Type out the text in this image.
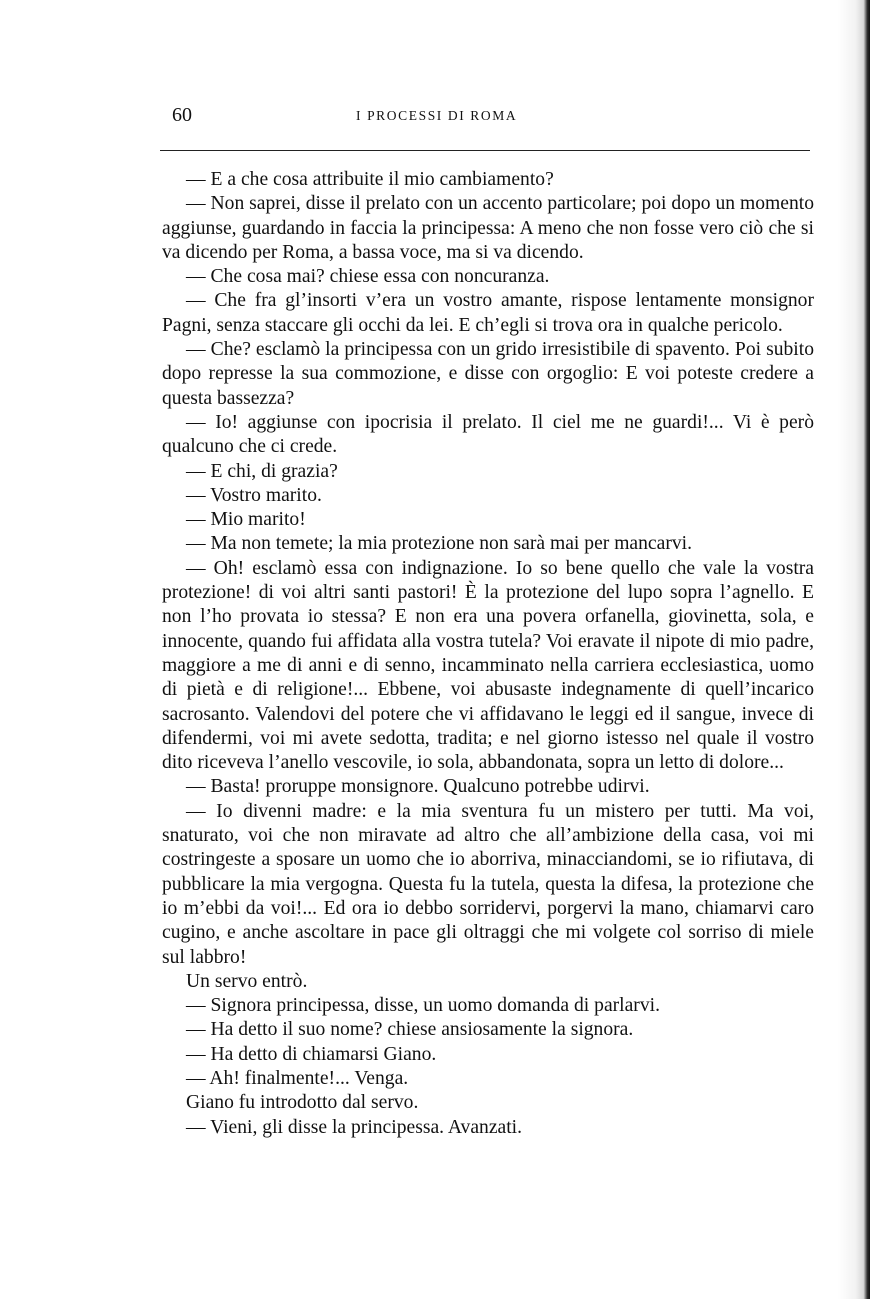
60	I PROCESSI DI ROMA

— E a che cosa attribuite il mio cambiamento?

— Non saprei, disse il prelato con un accento particolare; poi dopo un momento aggiunse, guardando in faccia la principessa: A meno che non fosse vero ciò che si va dicendo per Roma, a bassa voce, ma si va dicendo.

— Che cosa mai? chiese essa con noncuranza.

— Che fra gl’insorti v’era un vostro amante, rispose lentamente monsignor Pagni, senza staccare gli occhi da lei. E ch’egli si trova ora in qualche pericolo.

— Che? esclamò la principessa con un grido irresistibile di spavento. Poi subito dopo represse la sua commozione, e disse con orgoglio: E voi poteste credere a questa bassezza?

— Io! aggiunse con ipocrisia il prelato. Il ciel me ne guardi!... Vi è però qualcuno che ci crede.

— E chi, di grazia?

— Vostro marito.

— Mio marito!

— Ma non temete; la mia protezione non sarà mai per mancarvi.

— Oh! esclamò essa con indignazione. Io so bene quello che vale la vostra protezione! di voi altri santi pastori! È la protezione del lupo sopra l’agnello. E non l’ho provata io stessa? E non era una povera orfanella, giovinetta, sola, e innocente, quando fui affidata alla vostra tutela? Voi eravate il nipote di mio padre, maggiore a me di anni e di senno, incamminato nella carriera ecclesiastica, uomo di pietà e di religione!... Ebbene, voi abusaste indegnamente di quell’incarico sacrosanto. Valendovi del potere che vi affidavano le leggi ed il sangue, invece di difendermi, voi mi avete sedotta, tradita; e nel giorno istesso nel quale il vostro dito riceveva l’anello vescovile, io sola, abbandonata, sopra un letto di dolore...

— Basta! proruppe monsignore. Qualcuno potrebbe udirvi.

— Io divenni madre: e la mia sventura fu un mistero per tutti. Ma voi, snaturato, voi che non miravate ad altro che all’ambizione della casa, voi mi costringeste a sposare un uomo che io aborriva, minacciandomi, se io rifiutava, di pubblicare la mia vergogna. Questa fu la tutela, questa la difesa, la protezione che io m’ebbi da voi!... Ed ora io debbo sorridervi, porgervi la mano, chiamarvi caro cugino, e anche ascoltare in pace gli oltraggi che mi volgete col sorriso di miele sul labbro!

Un servo entrò.

— Signora principessa, disse, un uomo domanda di parlarvi.

— Ha detto il suo nome? chiese ansiosamente la signora.

— Ha detto di chiamarsi Giano.

— Ah! finalmente!... Venga.

Giano fu introdotto dal servo.

— Vieni, gli disse la principessa. Avanzati.
